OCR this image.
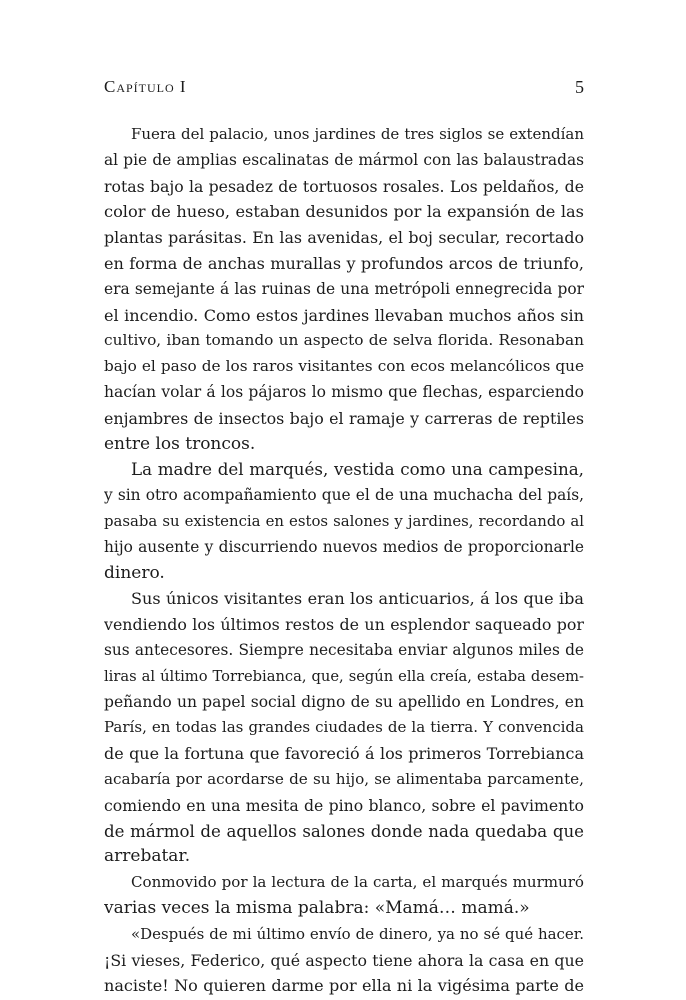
Capítulo I	5
Fuera del palacio, unos jardines de tres siglos se extendían
al pie de amplias escalinatas de mármol con las balaustradas
rotas bajo la pesadez de tortuosos rosales. Los peldaños, de
color de hueso, estaban desunidos por la expansión de las
plantas parásitas. En las avenidas, el boj secular, recortado
en forma de anchas murallas y profundos arcos de triunfo,
era semejante á las ruinas de una metrópoli ennegrecida por
el incendio. Como estos jardines llevaban muchos años sin
cultivo, iban tomando un aspecto de selva florida. Resonaban
bajo el paso de los raros visitantes con ecos melancólicos que
hacían volar á los pájaros lo mismo que flechas, esparciendo
enjambres de insectos bajo el ramaje y carreras de reptiles
entre los troncos.
La madre del marqués, vestida como una campesina,
y sin otro acompañamiento que el de una muchacha del país,
pasaba su existencia en estos salones y jardines, recordando al
hijo ausente y discurriendo nuevos medios de proporcionarle
dinero.
Sus únicos visitantes eran los anticuarios, á los que iba
vendiendo los últimos restos de un esplendor saqueado por
sus antecesores. Siempre necesitaba enviar algunos miles de
liras al último Torrebianca, que, según ella creía, estaba desem-
peñando un papel social digno de su apellido en Londres, en
París, en todas las grandes ciudades de la tierra. Y convencida
de que la fortuna que favoreció á los primeros Torrebianca
acabaría por acordarse de su hijo, se alimentaba parcamente,
comiendo en una mesita de pino blanco, sobre el pavimento
de mármol de aquellos salones donde nada quedaba que
arrebatar.
Conmovido por la lectura de la carta, el marqués murmuró
varias veces la misma palabra: «Mamá… mamá.»
«Después de mi último envío de dinero, ya no sé qué hacer.
¡Si vieses, Federico, qué aspecto tiene ahora la casa en que
naciste! No quieren darme por ella ni la vigésima parte de
